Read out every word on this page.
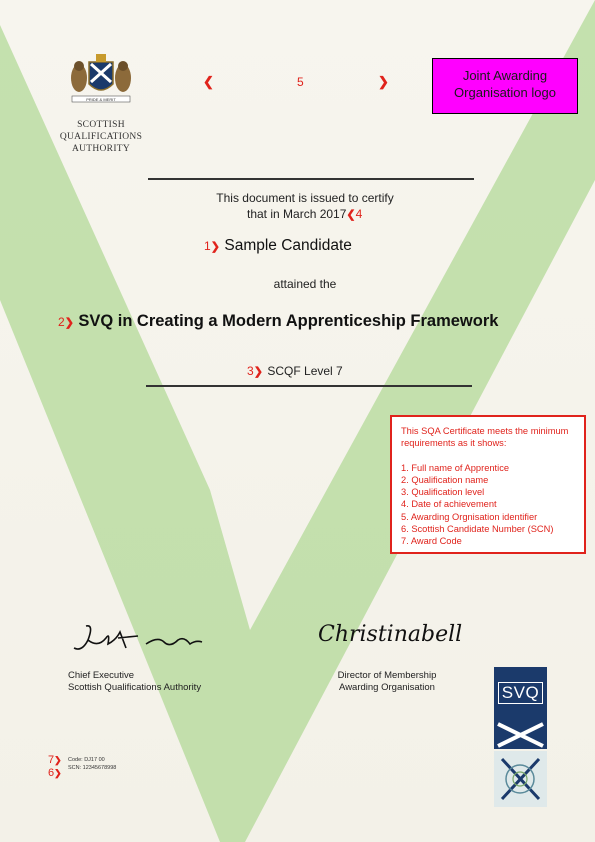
PRIDE & MERIT
SCOTTISH
QUALIFICATIONS
AUTHORITY
❮	5	❯	Joint Awarding Organisation logo
This document is issued to certify
that in March 2017❮4
1❯ Sample Candidate
attained the
2❯ SVQ in Creating a Modern Apprenticeship Framework
3❯ SCQF Level 7
This SQA Certificate meets the minimum requirements as it shows:
1. Full name of Apprentice
2. Qualification name
3. Qualification level
4. Date of achievement
5. Awarding Orgnisation identifier
6. Scottish Candidate Number (SCN)
7. Award Code
Chief Executive
Scottish Qualifications Authority
Christinabell
Director of Membership
Awarding Organisation	SVQ
7❯
6❯
Code: DJ17 00
SCN: 12345678998
